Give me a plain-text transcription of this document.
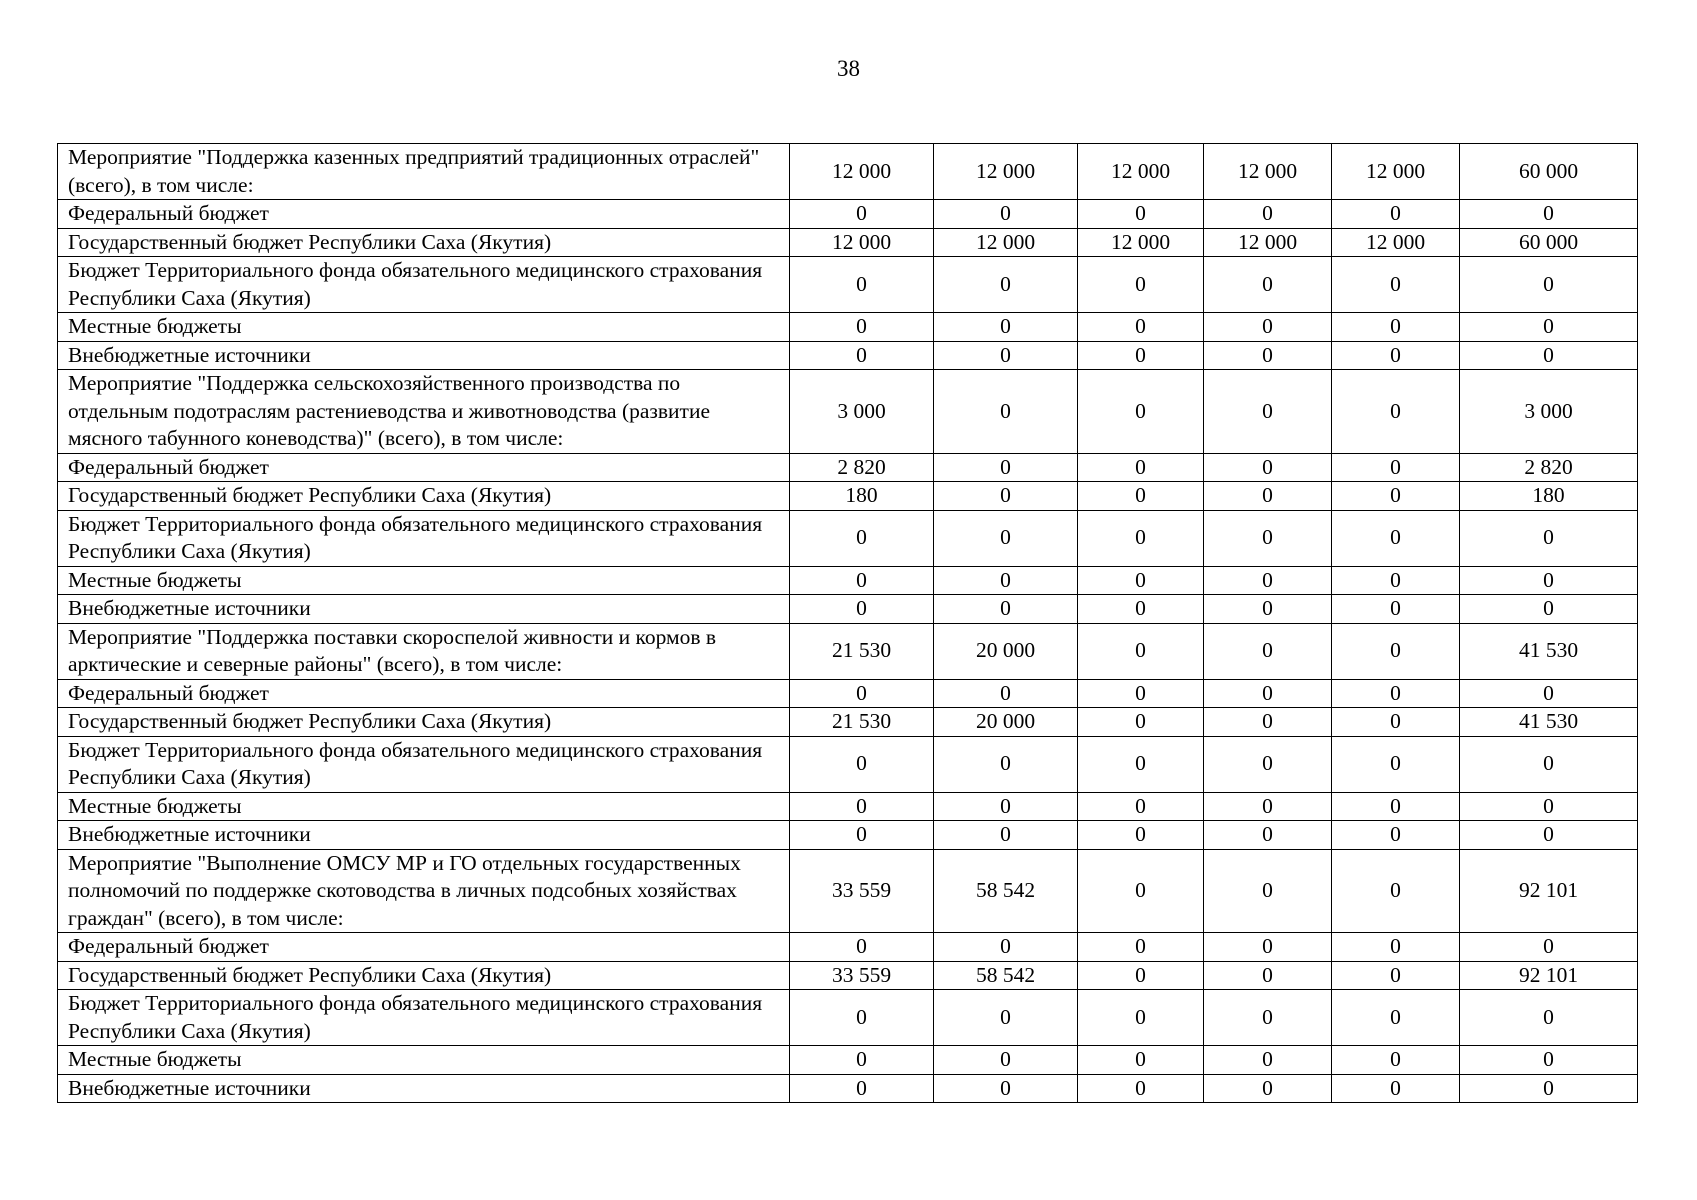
38
Мероприятие "Поддержка казенных предприятий традиционных отраслей" (всего), в том числе:	12 000	12 000	12 000	12 000	12 000	60 000
Федеральный бюджет	0	0	0	0	0	0
Государственный бюджет Республики Саха (Якутия)	12 000	12 000	12 000	12 000	12 000	60 000
Бюджет Территориального фонда обязательного медицинского страхования Республики Саха (Якутия)	0	0	0	0	0	0
Местные бюджеты	0	0	0	0	0	0
Внебюджетные источники	0	0	0	0	0	0
Мероприятие "Поддержка сельскохозяйственного производства по отдельным подотраслям растениеводства и животноводства (развитие мясного табунного коневодства)" (всего), в том числе:	3 000	0	0	0	0	3 000
Федеральный бюджет	2 820	0	0	0	0	2 820
Государственный бюджет Республики Саха (Якутия)	180	0	0	0	0	180
Бюджет Территориального фонда обязательного медицинского страхования Республики Саха (Якутия)	0	0	0	0	0	0
Местные бюджеты	0	0	0	0	0	0
Внебюджетные источники	0	0	0	0	0	0
Мероприятие "Поддержка поставки скороспелой живности и кормов в арктические и северные районы" (всего), в том числе:	21 530	20 000	0	0	0	41 530
Федеральный бюджет	0	0	0	0	0	0
Государственный бюджет Республики Саха (Якутия)	21 530	20 000	0	0	0	41 530
Бюджет Территориального фонда обязательного медицинского страхования Республики Саха (Якутия)	0	0	0	0	0	0
Местные бюджеты	0	0	0	0	0	0
Внебюджетные источники	0	0	0	0	0	0
Мероприятие "Выполнение ОМСУ МР и ГО отдельных государственных полномочий по поддержке скотоводства в личных подсобных хозяйствах граждан" (всего), в том числе:	33 559	58 542	0	0	0	92 101
Федеральный бюджет	0	0	0	0	0	0
Государственный бюджет Республики Саха (Якутия)	33 559	58 542	0	0	0	92 101
Бюджет Территориального фонда обязательного медицинского страхования Республики Саха (Якутия)	0	0	0	0	0	0
Местные бюджеты	0	0	0	0	0	0
Внебюджетные источники	0	0	0	0	0	0
